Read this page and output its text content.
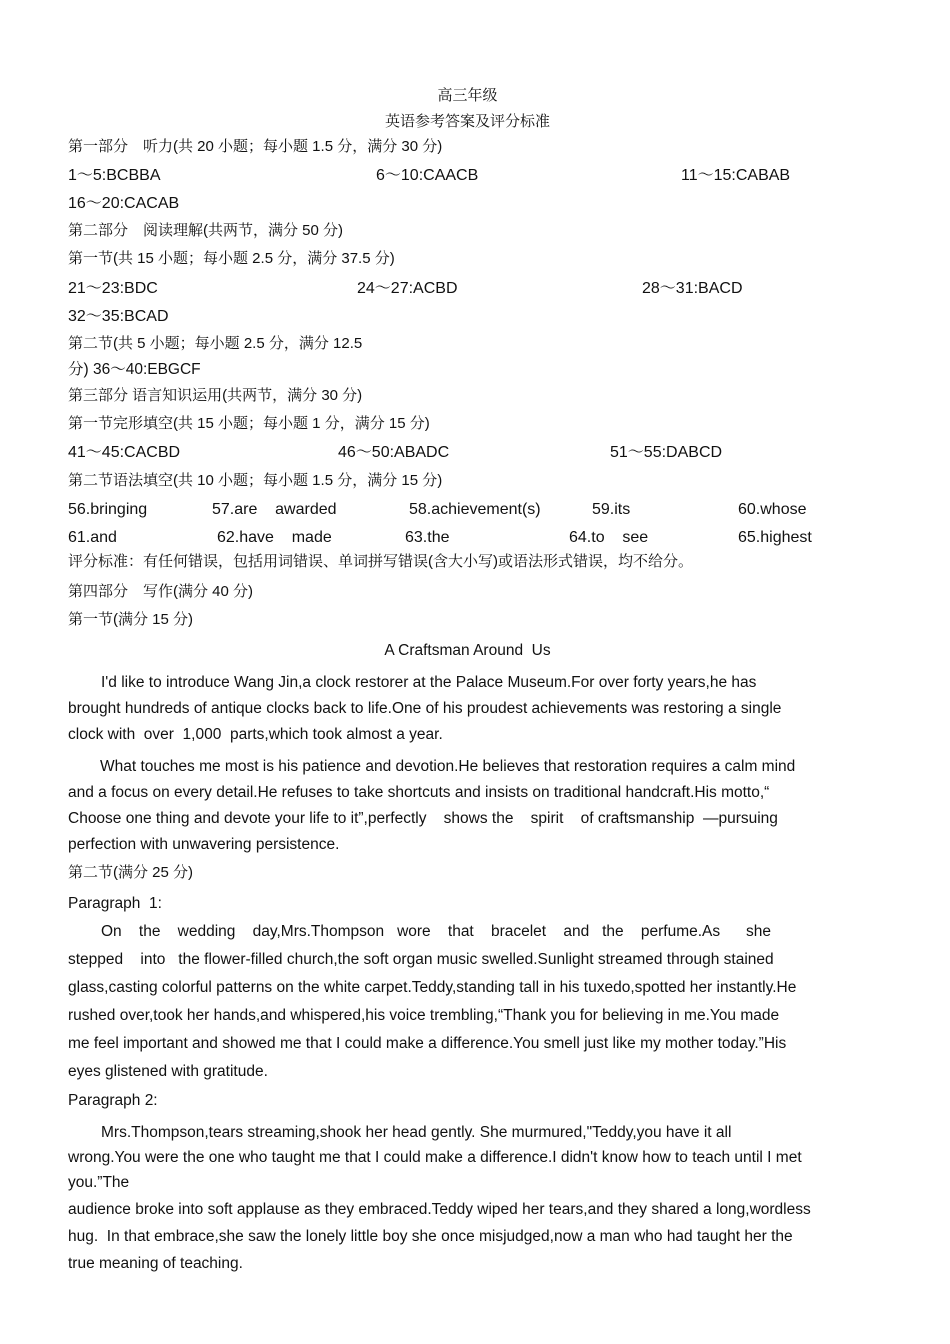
高三年级
英语参考答案及评分标准
第一部分　听力(共 20 小题；每小题 1.5 分，满分 30 分)
1～5:BCBBA	6～10:CAACB	11～15:CABAB
16～20:CACAB
第二部分　阅读理解(共两节，满分 50 分)
第一节(共 15 小题；每小题 2.5 分，满分 37.5 分)
21～23:BDC	24～27:ACBD	28～31:BACD
32～35:BCAD
第二节(共 5 小题；每小题 2.5 分，满分 12.5
分) 36～40:EBGCF
第三部分 语言知识运用(共两节，满分 30 分)
第一节完形填空(共 15 小题；每小题 1 分，满分 15 分)
41～45:CACBD	46～50:ABADC	51～55:DABCD
第二节语法填空(共 10 小题；每小题 1.5 分，满分 15 分)
56.bringing	57.are    awarded	58.achievement(s)	59.its	60.whose
61.and	62.have    made	63.the	64.to    see	65.highest
评分标准：有任何错误，包括用词错误、单词拼写错误(含大小写)或语法形式错误，均不给分。
第四部分　写作(满分 40 分)
第一节(满分 15 分)
A Craftsman Around  Us
I'd like to introduce Wang Jin,a clock restorer at the Palace Museum.For over forty years,he has
brought hundreds of antique clocks back to life.One of his proudest achievements was restoring a single
clock with  over  1,000  parts,which took almost a year.
What touches me most is his patience and devotion.He believes that restoration requires a calm mind
and a focus on every detail.He refuses to take shortcuts and insists on traditional handcraft.His motto,“
Choose one thing and devote your life to it”,perfectly    shows the    spirit    of craftsmanship  —pursuing
perfection with unwavering persistence.
第二节(满分 25 分)
Paragraph  1:
On    the    wedding    day,Mrs.Thompson   wore    that    bracelet    and   the    perfume.As      she
stepped    into   the flower-filled church,the soft organ music swelled.Sunlight streamed through stained
glass,casting colorful patterns on the white carpet.Teddy,standing tall in his tuxedo,spotted her instantly.He
rushed over,took her hands,and whispered,his voice trembling,“Thank you for believing in me.You made
me feel important and showed me that I could make a difference.You smell just like my mother today.”His
eyes glistened with gratitude.
Paragraph 2:
Mrs.Thompson,tears streaming,shook her head gently. She murmured,"Teddy,you have it all
wrong.You were the one who taught me that I could make a difference.I didn't know how to teach until I met
you.”The
audience broke into soft applause as they embraced.Teddy wiped her tears,and they shared a long,wordless
hug.  In that embrace,she saw the lonely little boy she once misjudged,now a man who had taught her the
true meaning of teaching.
